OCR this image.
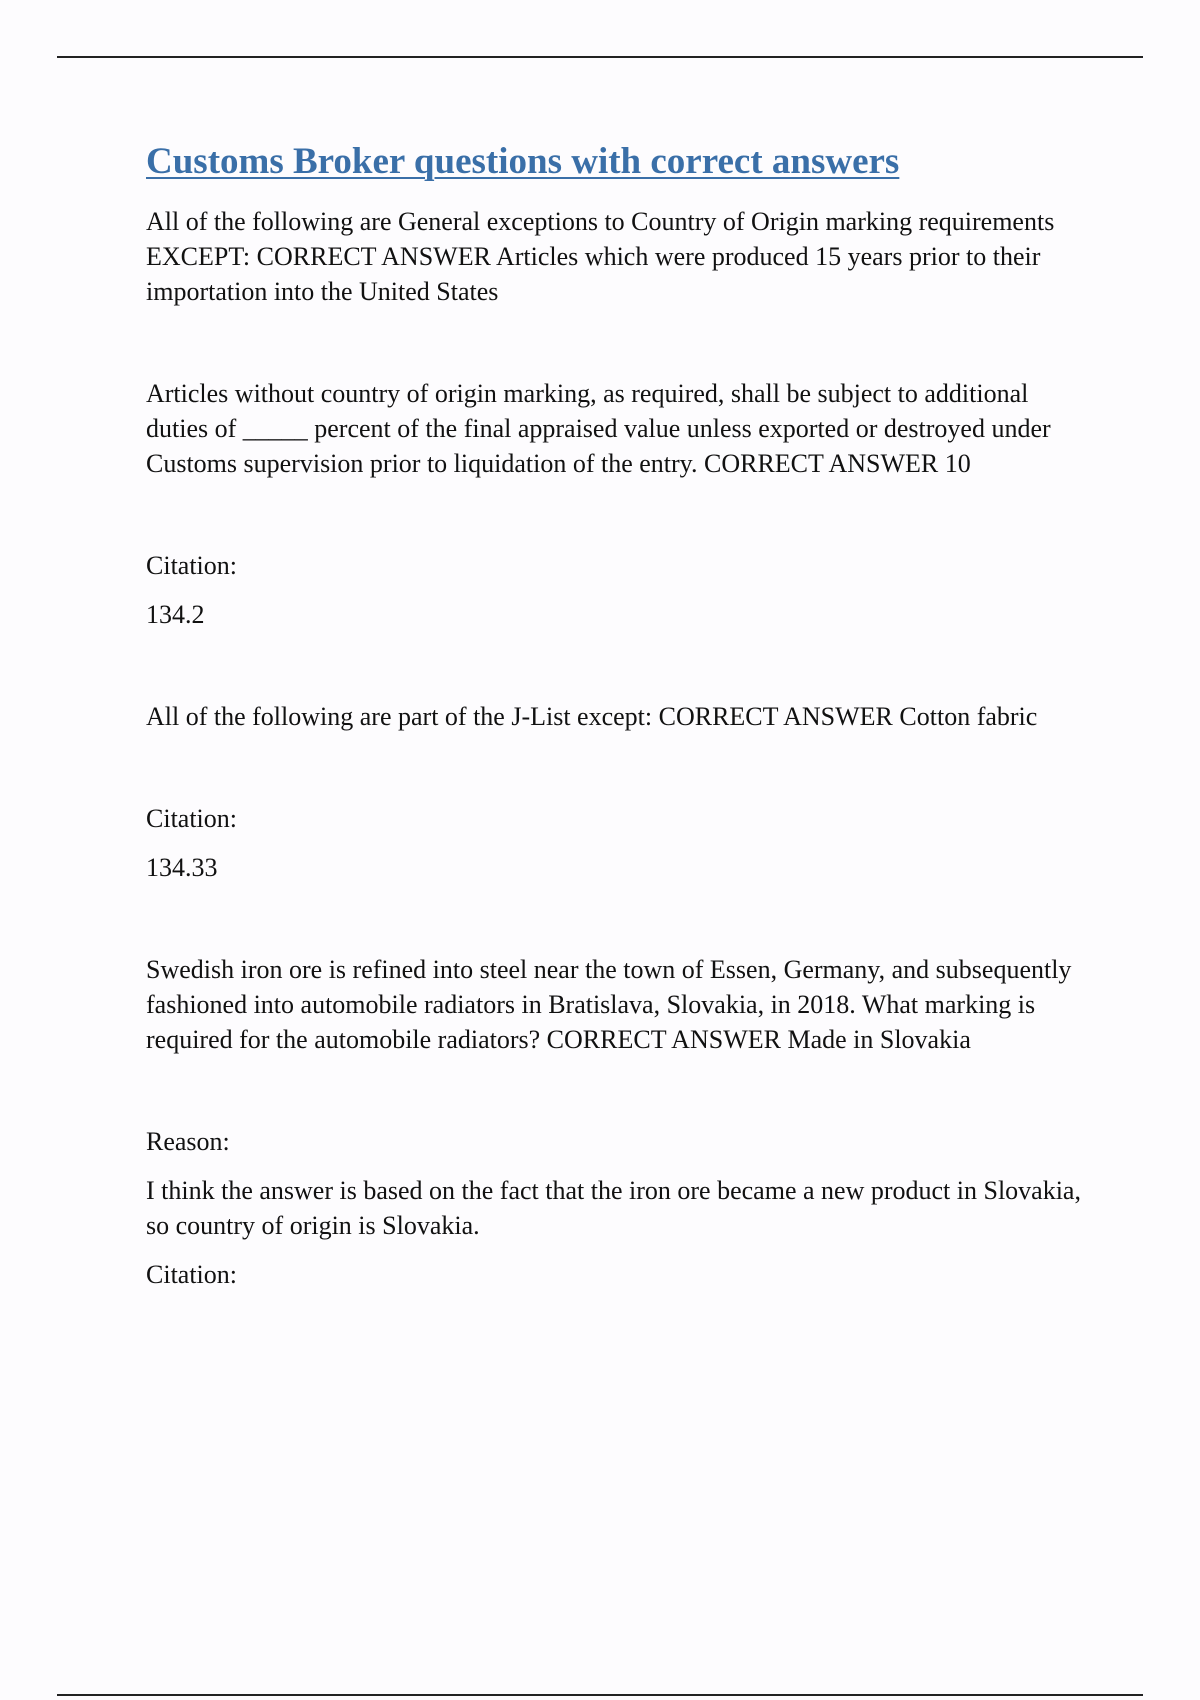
Customs Broker questions with correct answers

All of the following are General exceptions to Country of Origin marking requirements EXCEPT: CORRECT ANSWER Articles which were produced 15 years prior to their importation into the United States

Articles without country of origin marking, as required, shall be subject to additional duties of _____ percent of the final appraised value unless exported or destroyed under Customs supervision prior to liquidation of the entry. CORRECT ANSWER 10

Citation:

134.2

All of the following are part of the J-List except: CORRECT ANSWER Cotton fabric

Citation:

134.33

Swedish iron ore is refined into steel near the town of Essen, Germany, and subsequently fashioned into automobile radiators in Bratislava, Slovakia, in 2018. What marking is required for the automobile radiators? CORRECT ANSWER Made in Slovakia

Reason:

I think the answer is based on the fact that the iron ore became a new product in Slovakia, so country of origin is Slovakia.

Citation:
